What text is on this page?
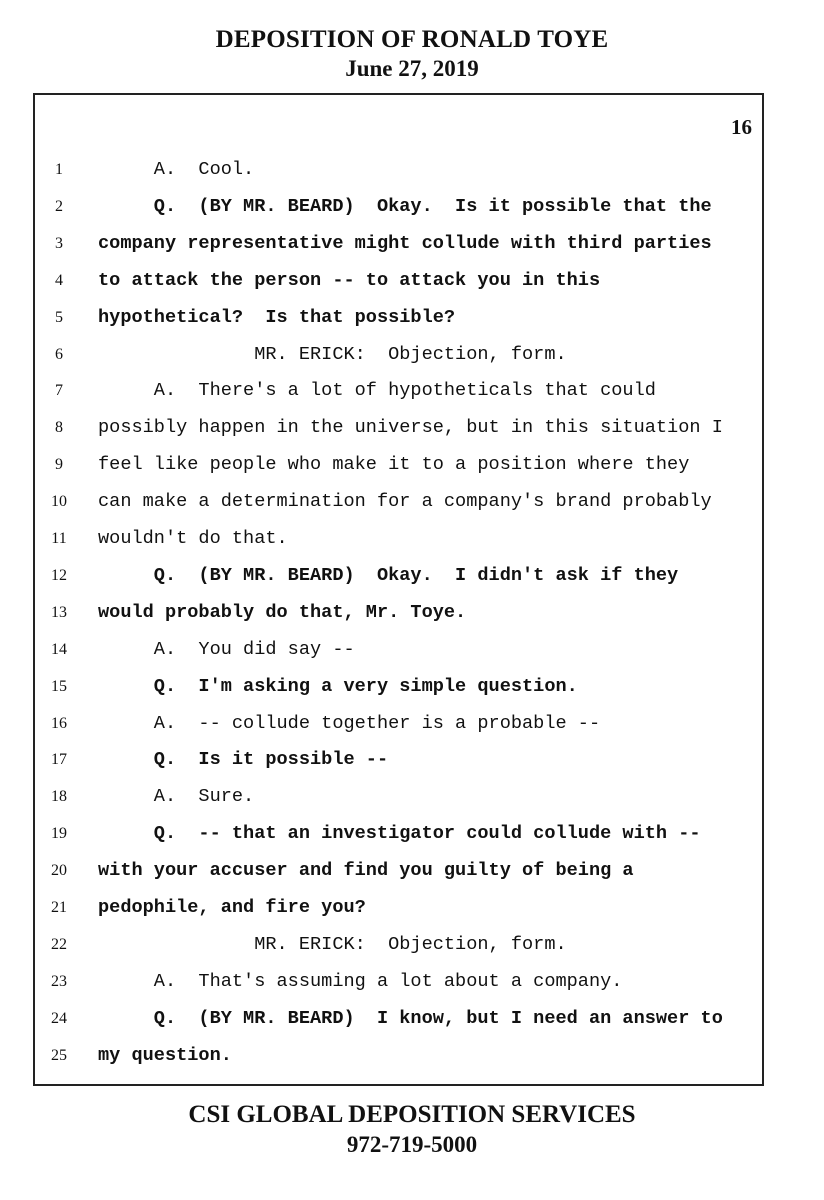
DEPOSITION OF RONALD TOYE
June 27, 2019
16
1	A.  Cool.
2	Q.  (BY MR. BEARD)  Okay.  Is it possible that the
3	company representative might collude with third parties
4	to attack the person -- to attack you in this
5	hypothetical?  Is that possible?
6	MR. ERICK:  Objection, form.
7	A.  There's a lot of hypotheticals that could
8	possibly happen in the universe, but in this situation I
9	feel like people who make it to a position where they
10	can make a determination for a company's brand probably
11	wouldn't do that.
12	Q.  (BY MR. BEARD)  Okay.  I didn't ask if they
13	would probably do that, Mr. Toye.
14	A.  You did say --
15	Q.  I'm asking a very simple question.
16	A.  -- collude together is a probable --
17	Q.  Is it possible --
18	A.  Sure.
19	Q.  -- that an investigator could collude with --
20	with your accuser and find you guilty of being a
21	pedophile, and fire you?
22	MR. ERICK:  Objection, form.
23	A.  That's assuming a lot about a company.
24	Q.  (BY MR. BEARD)  I know, but I need an answer to
25	my question.
CSI GLOBAL DEPOSITION SERVICES
972-719-5000
